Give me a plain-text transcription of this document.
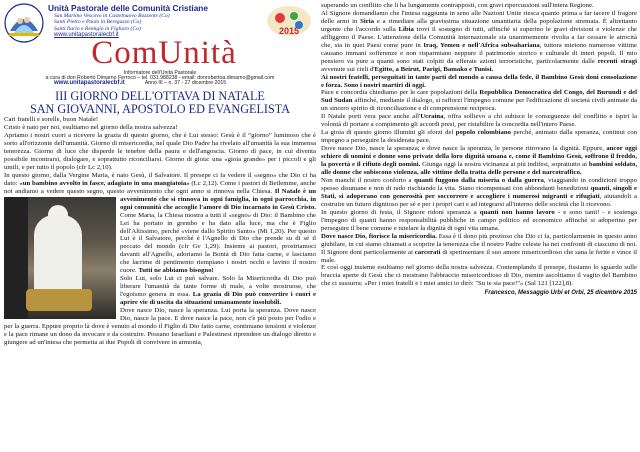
Unità Pastorale delle Comunità Cristiane
San Martino Vescovo in Castelnuovo Bozzente (Co)
Santi Pietro e Paolo in Beregazzo (Co)
Santi Ilario e Remigio in Figliaro (Co)
www.unitapastoralecbf.it	2015
ComUnità
Informatore dell'Unità Pastorale
a cura di don Roberto Dimarno Ferroco – tel. 031.988238 - email: donrobertoa.dimarno@gmail.com
www.unitapastoralecbf.it	Anno III – n. 37 - 27 dicembre 2015
III GIORNO DELL'OTTAVA DI NATALE
SAN GIOVANNI, APOSTOLO ED EVANGELISTA

Cari fratelli e sorelle, buon Natale!

Cristo è nato per noi, esultiamo nel giorno della nostra salvezza!

Apriamo i nostri cuori a ricevere la grazia di questo giorno, che è Lui stesso: Gesù è il “giorno” luminoso che è sorto all'orizzonte dell'umanità. Giorno di misericordia, nel quale Dio Padre ha rivelato all'umanità la sua immensa tenerezza. Giorno di luce che disperde le tenebre della paura e dell'angoscia. Giorno di pace, in cui diventa possibile incontrarsi, dialogare, e soprattutto riconciliarsi. Giorno di gioia: una «gioia grande» per i piccoli e gli umili, e per tutto il popolo (cfr Lc 2,10).

In questo giorno, dalla Vergine Maria, è nato Gesù, il Salvatore. Il presepe ci fa vedere il «segno» che Dio ci ha dato: «un bambino avvolto in fasce, adagiato in una mangiatoia» (Lc 2,12). Come i pastori di Betlemme, anche noi andiamo a vedere questo segno, questo avvenimento che ogni anno si rinnova nella Chiesa.
Il Natale è un avvenimento che si rinnova in ogni famiglia, in ogni parrocchia, in ogni comunità che accoglie l'amore di Dio incarnato in Gesù Cristo. Come Maria, la Chiesa mostra a tutti il «segno» di Dio: il Bambino che Lei ha portato in grembo e ha dato alla luce, ma che è Figlio dell'Altissimo, perché «viene dallo Spirito Santo» (Mt 1,20). Per questo Lui è il Salvatore, perché è l'Agnello di Dio che prende su di sé il peccato del mondo (cfr Gv 1,29). Insieme ai pastori, prostriamoci davanti all'Agnello, adoriamo la Bontà di Dio fatta carne, e lasciamo che lacrime di pentimento riempiano i nostri occhi e lavino il nostro cuore. Tutti ne abbiamo bisogno!

Solo Lui, solo Lui ci può salvare. Solo la Misericordia di Dio può liberare l'umanità da tante forme di male, a volte mostruose, che l'egoismo genera in essa. La grazia di Dio può convertire i cuori e aprire vie di uscita da situazioni umanamente insolubili.

Dove nasce Dio, nasce la speranza. Lui porta la speranza. Dove nasce Dio, nasce la pace. E dove nasce la pace, non c'è più posto per l'odio e per la guerra. Eppure proprio là dove è venuto al mondo il Figlio di Dio fatto carne, continuano tensioni e violenze e la pace rimane un dono da invocare e da costruire. Possano Israeliani e Palestinesi riprendere un dialogo diretto e giungere ad un'intesa che permetta ai due Popoli di convivere in armonia,

superando un conflitto che li ha lungamente contrapposti, con gravi ripercussioni sull'intera Regione.

Al Signore domandiamo che l'intesa raggiunta in seno alle Nazioni Unite riesca quanto prima a far tacere il fragore delle armi in Siria e a rimediare alla gravissima situazione umanitaria della popolazione stremata. È altrettanto urgente che l'accordo sulla Libia trovi il sostegno di tutti, affinché si superino le gravi divisioni e violenze che affliggono il Paese. L'attenzione della Comunità internazionale sia unanimemente rivolta a far cessare le atrocità che, sia in quei Paesi come pure in Iraq, Yemen e nell'Africa subsahariana, tuttora mietono numerose vittime causano immani sofferenze e non risparmiano neppure il patrimonio storico e culturale di interi popoli. Il mio pensiero va pure a quanti sono stati colpiti da efferate azioni terroristiche, particolarmente dalle recenti stragi avvenute sui cieli d'Egitto, a Beirut, Parigi, Bamako e Tunisi.

Ai nostri fratelli, perseguitati in tante parti del mondo a causa della fede, il Bambino Gesù doni consolazione e forza. Sono i nostri martiri di oggi.

Pace e concordia chiediamo per le care popolazioni della Repubblica Democratica del Congo, del Burundi e del Sud Sudan affinché, mediante il dialogo, si rafforzi l'impegno comune per l'edificazione di società civili animate da un sincero spirito di riconciliazione e di comprensione reciproca.

Il Natale porti vera pace anche all'Ucraina, offra sollievo a chi subisce le conseguenze del conflitto e ispiri la volontà di portare a compimento gli accordi presi, per ristabilire la concordia nell'intero Paese.

La gioia di questo giorno illumini gli sforzi del popolo colombiano perché, animato dalla speranza, continui con impegno a perseguire la desiderata pace.

Dove nasce Dio, nasce la speranza; e dove nasce la speranza, le persone ritrovano la dignità. Eppure, ancor oggi schiere di uomini e donne sono private della loro dignità umana e, come il Bambino Gesù, soffrono il freddo, la povertà e il rifiuto degli uomini. Giunga oggi la nostra vicinanza ai più indifesi, soprattutto ai bambini soldato, alle donne che subiscono violenza, alle vittime della tratta delle persone e del narcotraffico.

Non manchi il nostro conforto a quanti fuggono dalla miseria o dalla guerra, viaggiando in condizioni troppo spesso disumane e non di rado rischiando la vita. Siano ricompensati con abbondanti benedizioni quanti, singoli e Stati, si adoperano con generosità per soccorrere e accogliere i numerosi migranti e rifugiati, aiutandoli a costruire un futuro dignitoso per sé e per i propri cari e ad integrarsi all'interno delle società che li ricevono.

In questo giorno di festa, il Signore ridoni speranza a quanti non hanno lavoro - e sono tanti! - e sostenga l'impegno di quanti hanno responsabilità pubbliche in campo politico ed economico affinché si adoperino per perseguire il bene comune e tutelare la dignità di ogni vita umana.

Dove nasce Dio, fiorisce la misericordia. Essa è il dono più prezioso che Dio ci fa, particolarmente in questo anno giubilare, in cui siamo chiamati a scoprire la tenerezza che il nostro Padre celeste ha nei confronti di ciascuno di noi. Il Signore doni particolarmente ai carcerati di sperimentare il suo amore misericordioso che sana le ferite e vince il male.

E così oggi insieme esultiamo nel giorno della nostra salvezza. Contemplando il presepe, fissiamo lo sguardo sulle braccia aperte di Gesù che ci mostrano l'abbraccio misericordioso di Dio, mentre ascoltiamo il vagito del Bambino che ci sussurra: «Per i miei fratelli e i miei amici io dirò: "Su te sia pace!"» (Sal 121 [122],8).

Francesco, Messaggio Urbi et Orbi, 25 dicembre 2015
